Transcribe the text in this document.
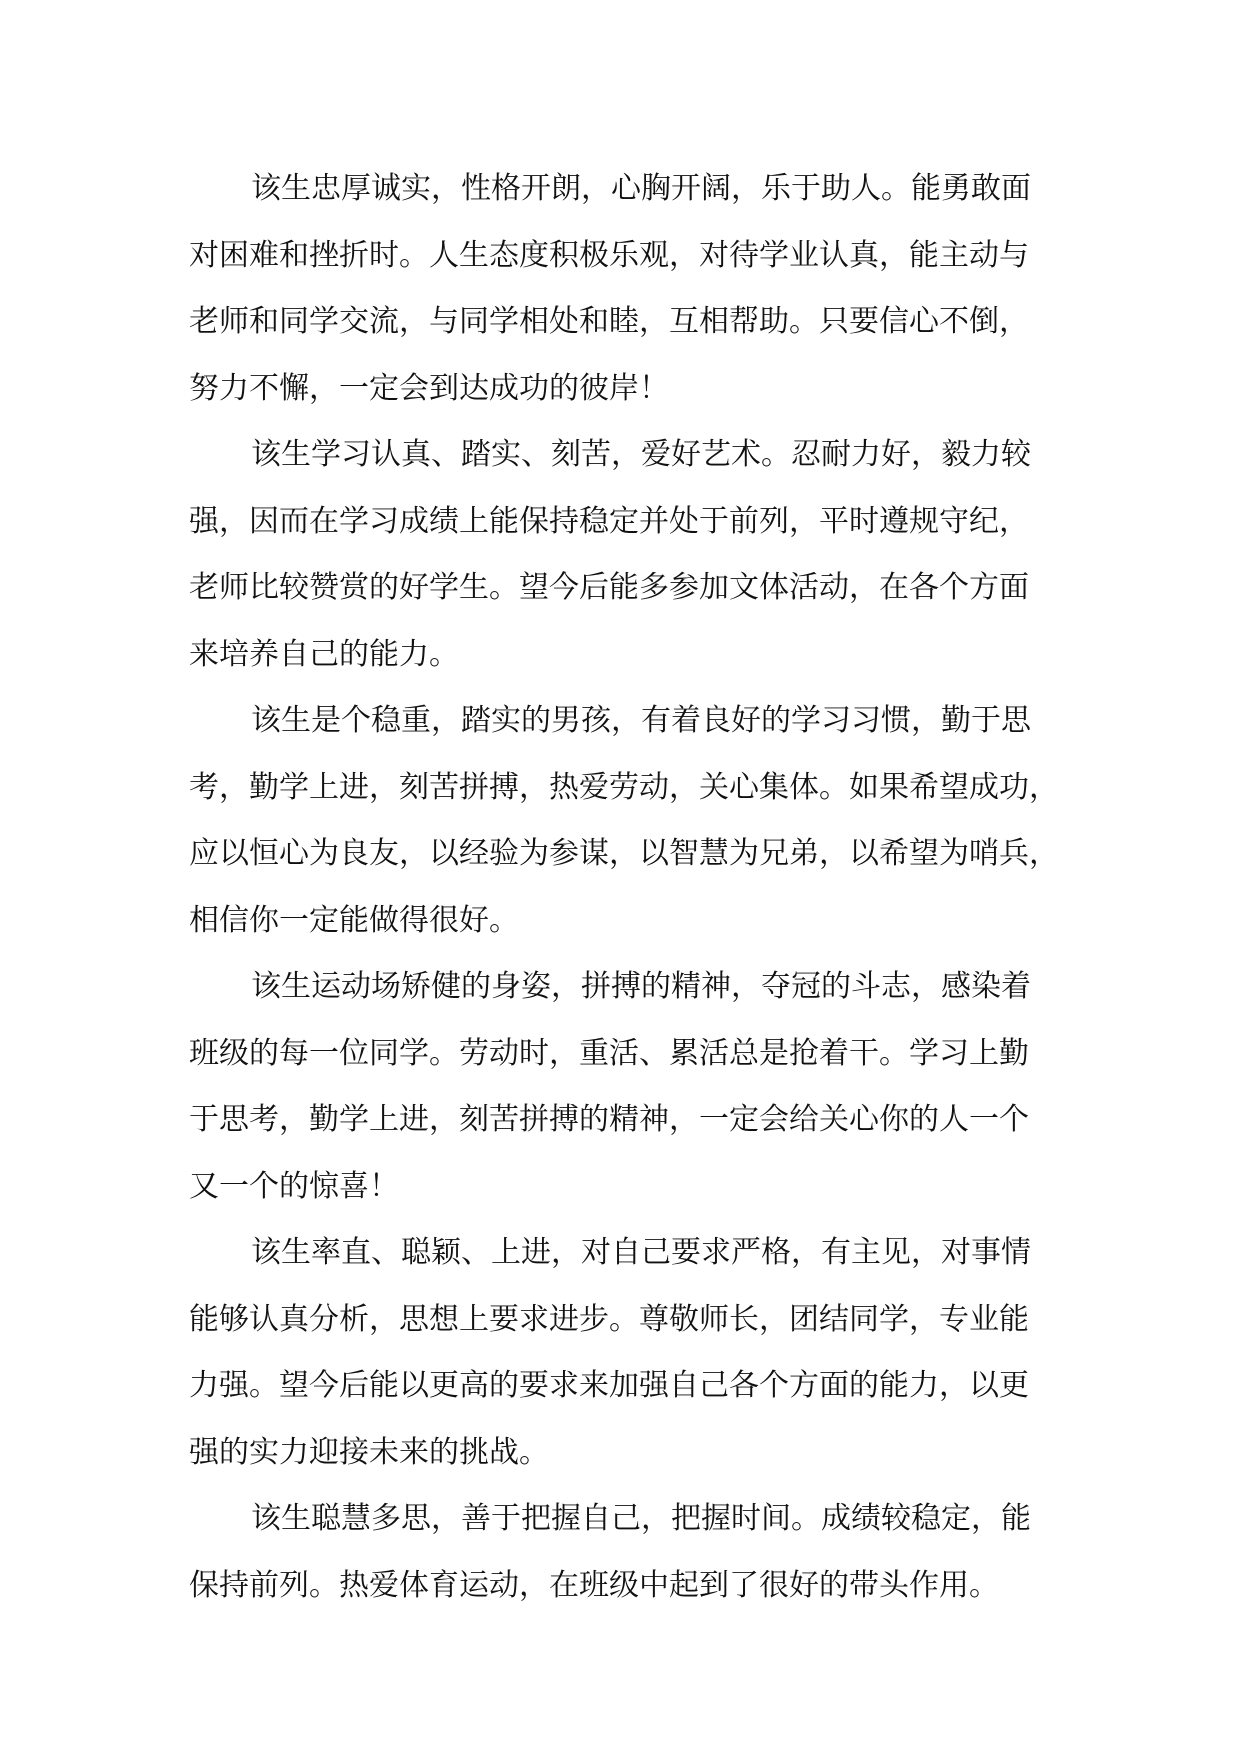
该生忠厚诚实，性格开朗，心胸开阔，乐于助人。能勇敢面
对困难和挫折时。人生态度积极乐观，对待学业认真，能主动与
老师和同学交流，与同学相处和睦，互相帮助。只要信心不倒，
努力不懈，一定会到达成功的彼岸！

该生学习认真、踏实、刻苦，爱好艺术。忍耐力好，毅力较
强，因而在学习成绩上能保持稳定并处于前列，平时遵规守纪，
老师比较赞赏的好学生。望今后能多参加文体活动，在各个方面
来培养自己的能力。

该生是个稳重，踏实的男孩，有着良好的学习习惯，勤于思
考，勤学上进，刻苦拼搏，热爱劳动，关心集体。如果希望成功，
应以恒心为良友，以经验为参谋，以智慧为兄弟，以希望为哨兵，
相信你一定能做得很好。

该生运动场矫健的身姿，拼搏的精神，夺冠的斗志，感染着
班级的每一位同学。劳动时，重活、累活总是抢着干。学习上勤
于思考，勤学上进，刻苦拼搏的精神，一定会给关心你的人一个
又一个的惊喜！

该生率直、聪颖、上进，对自己要求严格，有主见，对事情
能够认真分析，思想上要求进步。尊敬师长，团结同学，专业能
力强。望今后能以更高的要求来加强自己各个方面的能力，以更
强的实力迎接未来的挑战。

该生聪慧多思，善于把握自己，把握时间。成绩较稳定，能
保持前列。热爱体育运动，在班级中起到了很好的带头作用。
